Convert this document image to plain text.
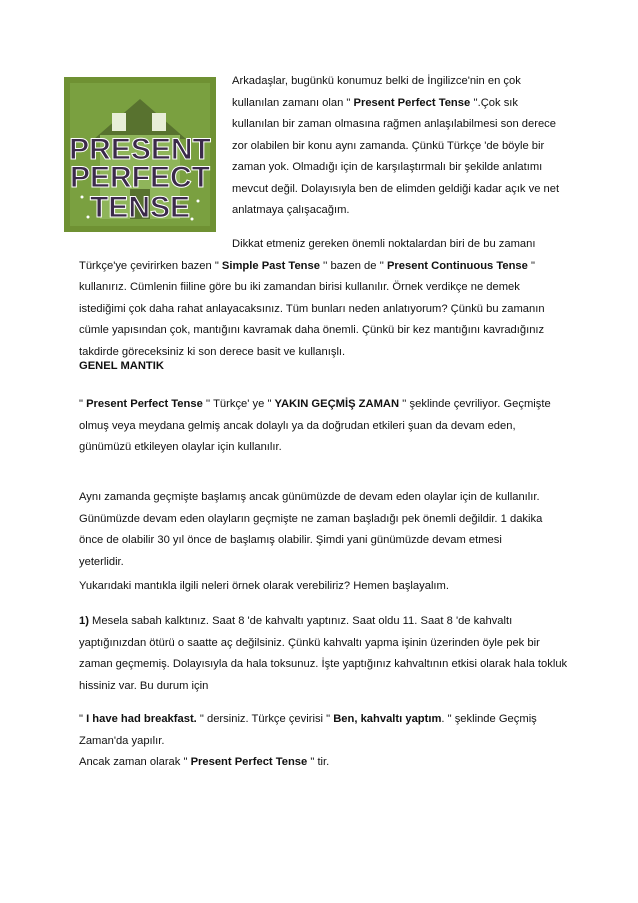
PRESENT
PERFECT
TENSE

Arkadaşlar, bugünkü konumuz belki de İngilizce'nin en çok kullanılan zamanı olan " Present Perfect Tense ''.Çok sık kullanılan bir zaman olmasına rağmen anlaşılabilmesi son derece zor olabilen bir konu aynı zamanda. Çünkü Türkçe 'de böyle bir zaman yok. Olmadığı için de karşılaştırmalı bir şekilde anlatımı mevcut değil. Dolayısıyla ben de elimden geldiği kadar açık ve net anlatmaya çalışacağım.

Dikkat etmeniz gereken önemli noktalardan biri de bu zamanı Türkçe'ye çevirirken bazen " Simple Past Tense '' bazen de '' Present Continuous Tense " kullanırız. Cümlenin fiiline göre bu iki zamandan birisi kullanılır. Örnek verdikçe ne demek istediğimi çok daha rahat anlayacaksınız. Tüm bunları neden anlatıyorum? Çünkü bu zamanın cümle yapısından çok, mantığını kavramak daha önemli. Çünkü bir kez mantığını kavradığınız takdirde göreceksiniz ki son derece basit ve kullanışlı.

GENEL MANTIK

" Present Perfect Tense '' Türkçe' ye " YAKIN GEÇMİŞ ZAMAN '' şeklinde çevriliyor. Geçmişte olmuş veya meydana gelmiş ancak dolaylı ya da doğrudan etkileri şuan da devam eden, günümüzü etkileyen olaylar için kullanılır.

Aynı zamanda geçmişte başlamış ancak günümüzde de devam eden olaylar için de kullanılır. Günümüzde devam eden olayların geçmişte ne zaman başladığı pek önemli değildir. 1 dakika önce de olabilir 30 yıl önce de başlamış olabilir. Şimdi yani günümüzde devam etmesi yeterlidir.

Yukarıdaki mantıkla ilgili neleri örnek olarak verebiliriz? Hemen başlayalım.

1) Mesela sabah kalktınız. Saat 8 'de kahvaltı yaptınız. Saat oldu 11. Saat 8 'de kahvaltı yaptığınızdan ötürü o saatte aç değilsiniz. Çünkü kahvaltı yapma işinin üzerinden öyle pek bir zaman geçmemiş. Dolayısıyla da hala toksunuz. İşte yaptığınız kahvaltının etkisi olarak hala tokluk hissiniz var. Bu durum için

" I have had breakfast. " dersiniz. Türkçe çevirisi " Ben, kahvaltı yaptım. " şeklinde Geçmiş Zaman'da yapılır.
Ancak zaman olarak " Present Perfect Tense " tir.
